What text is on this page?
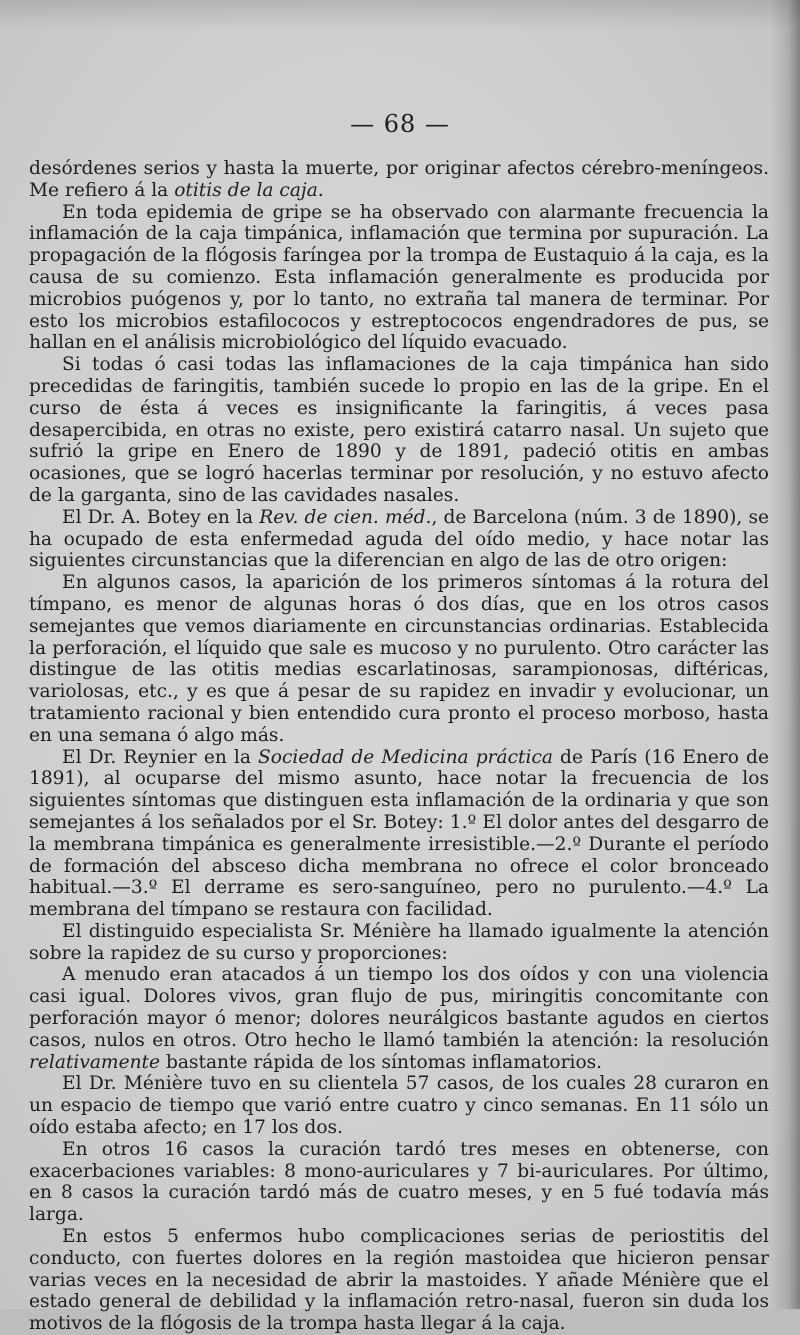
— 68 —

desórdenes serios y hasta la muerte, por originar afectos cérebro-meníngeos. Me refiero á la otitis de la caja.

En toda epidemia de gripe se ha observado con alarmante frecuencia la inflamación de la caja timpánica, inflamación que termina por supuración. La propagación de la flógosis faríngea por la trompa de Eustaquio á la caja, es la causa de su comienzo. Esta inflamación generalmente es producida por microbios puógenos y, por lo tanto, no extraña tal manera de terminar. Por esto los microbios estafilococos y estreptococos engendradores de pus, se hallan en el análisis microbiológico del líquido evacuado.

Si todas ó casi todas las inflamaciones de la caja timpánica han sido precedidas de faringitis, también sucede lo propio en las de la gripe. En el curso de ésta á veces es insignificante la faringitis, á veces pasa desapercibida, en otras no existe, pero existirá catarro nasal. Un sujeto que sufrió la gripe en Enero de 1890 y de 1891, padeció otitis en ambas ocasiones, que se logró hacerlas terminar por resolución, y no estuvo afecto de la garganta, sino de las cavidades nasales.

El Dr. A. Botey en la Rev. de cien. méd., de Barcelona (núm. 3 de 1890), se ha ocupado de esta enfermedad aguda del oído medio, y hace notar las siguientes circunstancias que la diferencian en algo de las de otro origen:

En algunos casos, la aparición de los primeros síntomas á la rotura del tímpano, es menor de algunas horas ó dos días, que en los otros casos semejantes que vemos diariamente en circunstancias ordinarias. Establecida la perforación, el líquido que sale es mucoso y no purulento. Otro carácter las distingue de las otitis medias escarlatinosas, sarampionosas, diftéricas, variolosas, etc., y es que á pesar de su rapidez en invadir y evolucionar, un tratamiento racional y bien entendido cura pronto el proceso morboso, hasta en una semana ó algo más.

El Dr. Reynier en la Sociedad de Medicina práctica de París (16 Enero de 1891), al ocuparse del mismo asunto, hace notar la frecuencia de los siguientes síntomas que distinguen esta inflamación de la ordinaria y que son semejantes á los señalados por el Sr. Botey: 1.º El dolor antes del desgarro de la membrana timpánica es generalmente irresistible.—2.º Durante el período de formación del absceso dicha membrana no ofrece el color bronceado habitual.—3.º El derrame es sero-sanguíneo, pero no purulento.—4.º La membrana del tímpano se restaura con facilidad.

El distinguido especialista Sr. Ménière ha llamado igualmente la atención sobre la rapidez de su curso y proporciones:

A menudo eran atacados á un tiempo los dos oídos y con una violencia casi igual. Dolores vivos, gran flujo de pus, miringitis concomitante con perforación mayor ó menor; dolores neurálgicos bastante agudos en ciertos casos, nulos en otros. Otro hecho le llamó también la atención: la resolución relativamente bastante rápida de los síntomas inflamatorios.

El Dr. Ménière tuvo en su clientela 57 casos, de los cuales 28 curaron en un espacio de tiempo que varió entre cuatro y cinco semanas. En 11 sólo un oído estaba afecto; en 17 los dos.

En otros 16 casos la curación tardó tres meses en obtenerse, con exacerbaciones variables: 8 mono-auriculares y 7 bi-auriculares. Por último, en 8 casos la curación tardó más de cuatro meses, y en 5 fué todavía más larga.

En estos 5 enfermos hubo complicaciones serias de periostitis del conducto, con fuertes dolores en la región mastoidea que hicieron pensar varias veces en la necesidad de abrir la mastoides. Y añade Ménière que el estado general de debilidad y la inflamación retro-nasal, fueron sin duda los motivos de la flógosis de la trompa hasta llegar á la caja.
